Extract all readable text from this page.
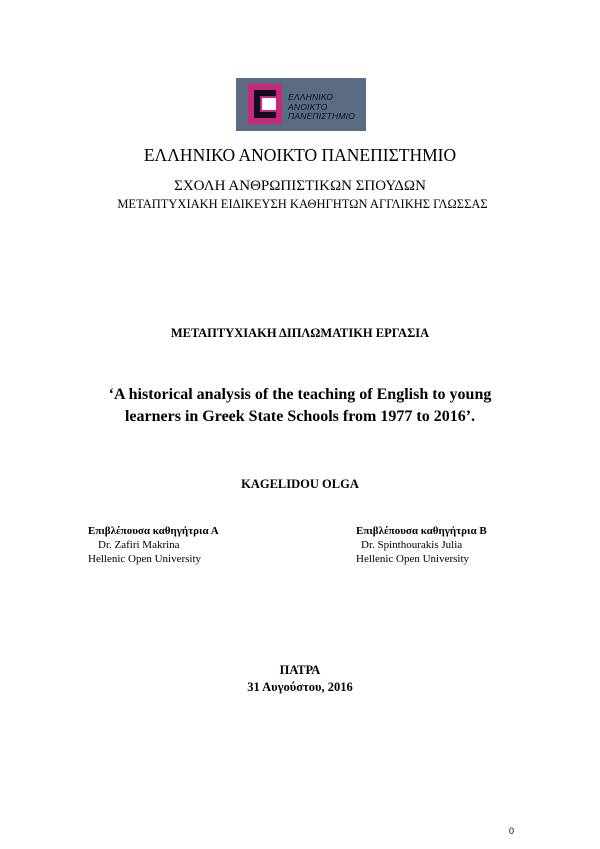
ΕΛΛΗΝΙΚΟ
ΑΝΟΙΚΤΟ
ΠΑΝΕΠΙΣΤΗΜΙΟ
ΕΛΛΗΝΙΚΟ ΑΝΟΙΚΤΟ ΠΑΝΕΠΙΣΤΗΜΙΟ
ΣΧΟΛΗ ΑΝΘΡΩΠΙΣΤΙΚΩΝ ΣΠΟΥΔΩΝ
ΜΕΤΑΠΤΥΧΙΑΚΗ ΕΙΔΙΚΕΥΣΗ ΚΑΘΗΓΗΤΩΝ ΑΓΓΛΙΚΗΣ ΓΛΩΣΣΑΣ
ΜΕΤΑΠΤΥΧΙΑΚΗ ΔΙΠΛΩΜΑΤΙΚΗ ΕΡΓΑΣΙΑ
‘A historical analysis of the teaching of English to young learners in Greek State Schools from 1977 to 2016’.
KAGELIDOU OLGA
Επιβλέπουσα καθηγήτρια Α
Dr. Zafiri Makrina
Hellenic Open University
Επιβλέπουσα καθηγήτρια Β
Dr. Spinthourakis Julia
Hellenic Open University
ΠΑΤΡΑ
31 Αυγούστου, 2016
0
